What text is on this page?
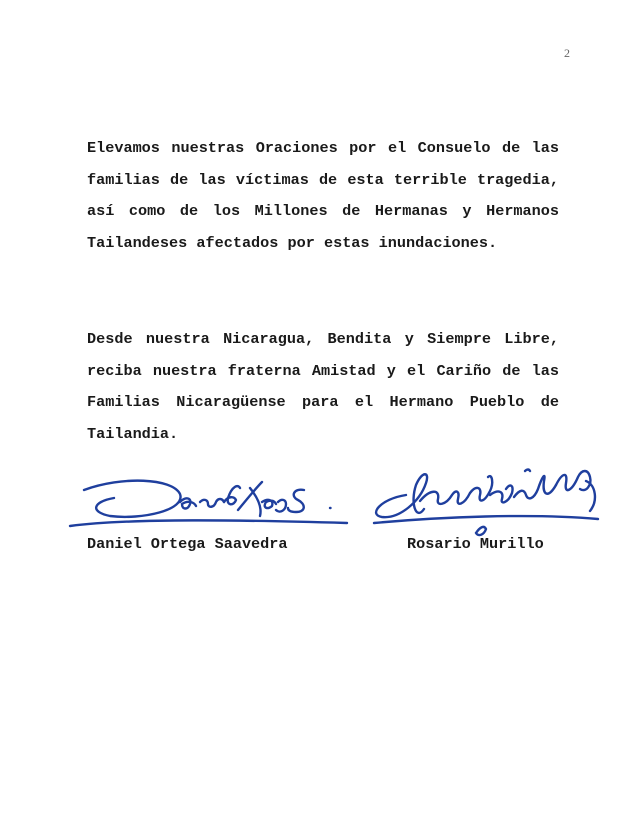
2

Elevamos nuestras Oraciones por el Consuelo de las familias de las víctimas de esta terrible tragedia, así como de los Millones de Hermanas y Hermanos Tailandeses afectados por estas inundaciones.

Desde nuestra Nicaragua, Bendita y Siempre Libre, reciba nuestra fraterna Amistad y el Cariño de las Familias Nicaragüense para el Hermano Pueblo de Tailandia.

Daniel Ortega Saavedra	Rosario Murillo
